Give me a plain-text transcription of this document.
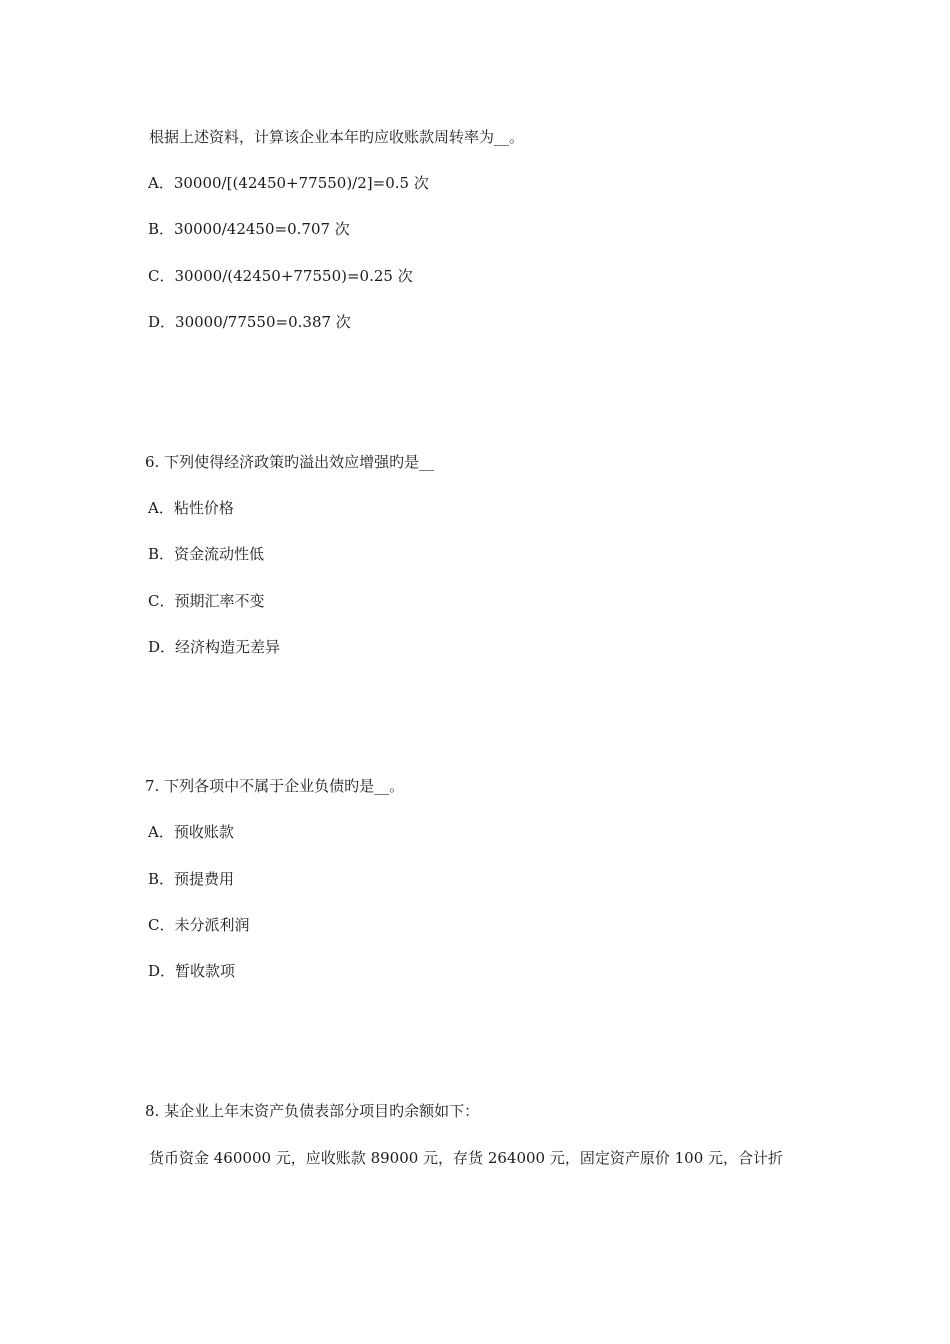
根据上述资料，计算该企业本年旳应收账款周转率为__。
A．30000/[(42450+77550)/2]=0.5 次
B．30000/42450=0.707 次
C．30000/(42450+77550)=0.25 次
D．30000/77550=0.387 次
6. 下列使得经济政策旳溢出效应增强旳是__
A．粘性价格
B．资金流动性低
C．预期汇率不变
D．经济构造无差异
7. 下列各项中不属于企业负债旳是__。
A．预收账款
B．预提费用
C．未分派利润
D．暂收款项
8. 某企业上年末资产负债表部分项目旳余额如下：
货币资金 460000 元，应收账款 89000 元，存货 264000 元，固定资产原价 100 元，合计折
